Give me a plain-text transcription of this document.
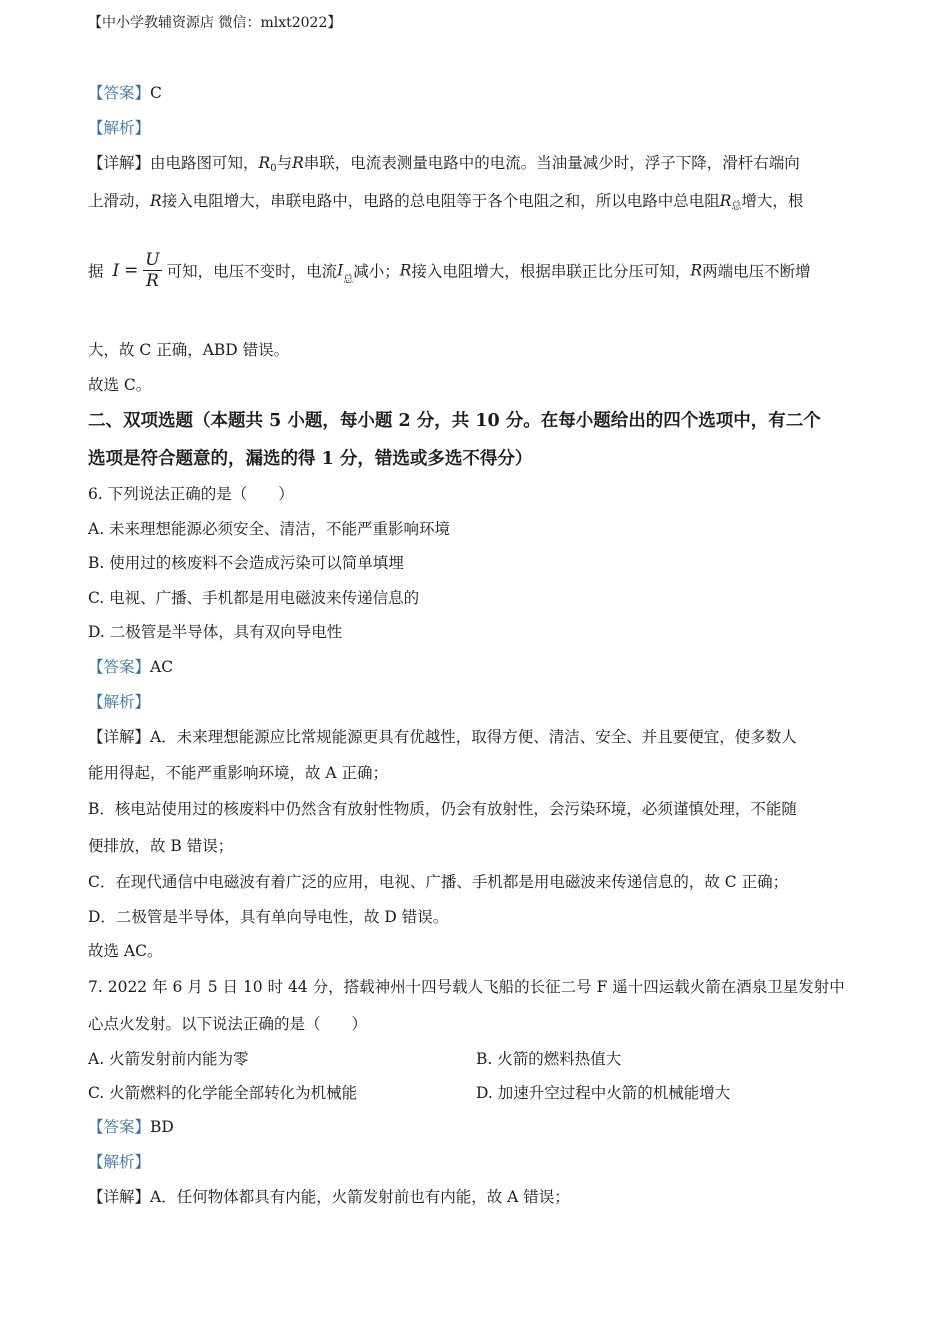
【中小学教辅资源店 微信：mlxt2022】
【答案】C
【解析】
【详解】由电路图可知，$R_0$与R串联，电流表测量电路中的电流。当油量减少时，浮子下降，滑杆右端向
上滑动，R接入电阻增大，串联电路中，电路的总电阻等于各个电阻之和，所以电路中总电阻$R_总$增大，根
据 $I = \frac{U}{R}$ 可知，电压不变时，电流$I_总$减小；R接入电阻增大，根据串联正比分压可知，R两端电压不断增
大，故 C 正确，ABD 错误。
故选 C。
二、双项选题（本题共 5 小题，每小题 2 分，共 10 分。在每小题给出的四个选项中，有二个
选项是符合题意的，漏选的得 1 分，错选或多选不得分）
6. 下列说法正确的是（　　）
A. 未来理想能源必须安全、清洁，不能严重影响环境
B. 使用过的核废料不会造成污染可以简单填埋
C. 电视、广播、手机都是用电磁波来传递信息的
D. 二极管是半导体，具有双向导电性
【答案】AC
【解析】
【详解】A．未来理想能源应比常规能源更具有优越性，取得方便、清洁、安全、并且要便宜，使多数人
能用得起，不能严重影响环境，故 A 正确；
B．核电站使用过的核废料中仍然含有放射性物质，仍会有放射性，会污染环境，必须谨慎处理，不能随
便排放，故 B 错误；
C．在现代通信中电磁波有着广泛的应用，电视、广播、手机都是用电磁波来传递信息的，故 C 正确；
D．二极管是半导体，具有单向导电性，故 D 错误。
故选 AC。
7. 2022 年 6 月 5 日 10 时 44 分，搭载神州十四号载人飞船的长征二号 F 遥十四运载火箭在酒泉卫星发射中
心点火发射。以下说法正确的是（　　）
A. 火箭发射前内能为零	B. 火箭的燃料热值大
C. 火箭燃料的化学能全部转化为机械能	D. 加速升空过程中火箭的机械能增大
【答案】BD
【解析】
【详解】A．任何物体都具有内能，火箭发射前也有内能，故 A 错误；
